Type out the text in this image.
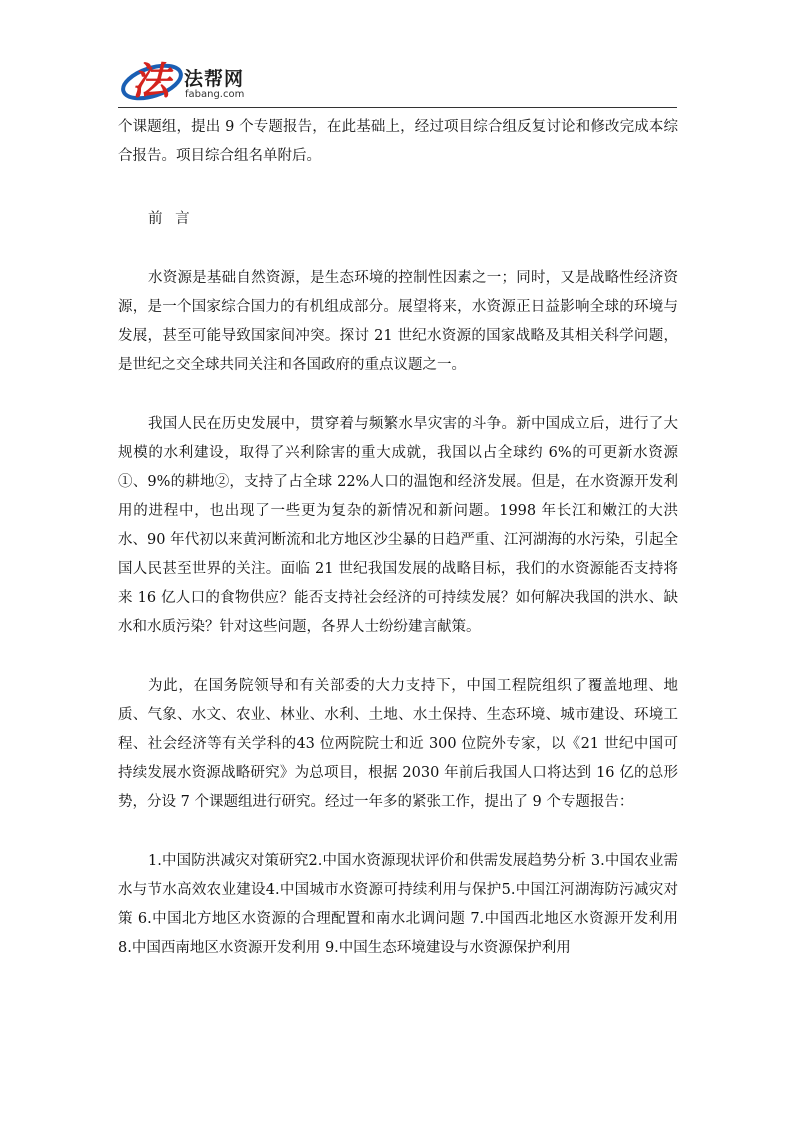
法 法帮网
fabang.com

个课题组，提出 9 个专题报告，在此基础上，经过项目综合组反复讨论和修改完成本综合报告。项目综合组名单附后。

前 言

水资源是基础自然资源，是生态环境的控制性因素之一；同时，又是战略性经济资源，是一个国家综合国力的有机组成部分。展望将来，水资源正日益影响全球的环境与发展，甚至可能导致国家间冲突。探讨 21 世纪水资源的国家战略及其相关科学问题，是世纪之交全球共同关注和各国政府的重点议题之一。

我国人民在历史发展中，贯穿着与频繁水旱灾害的斗争。新中国成立后，进行了大规模的水利建设，取得了兴利除害的重大成就，我国以占全球约 6%的可更新水资源①、9%的耕地②，支持了占全球 22%人口的温饱和经济发展。但是，在水资源开发利用的进程中，也出现了一些更为复杂的新情况和新问题。1998 年长江和嫩江的大洪水、90 年代初以来黄河断流和北方地区沙尘暴的日趋严重、江河湖海的水污染，引起全国人民甚至世界的关注。面临 21 世纪我国发展的战略目标，我们的水资源能否支持将来 16 亿人口的食物供应？能否支持社会经济的可持续发展？如何解决我国的洪水、缺水和水质污染？针对这些问题，各界人士纷纷建言献策。

为此，在国务院领导和有关部委的大力支持下，中国工程院组织了覆盖地理、地质、气象、水文、农业、林业、水利、土地、水土保持、生态环境、城市建设、环境工程、社会经济等有关学科的43 位两院院士和近 300 位院外专家，以《21 世纪中国可持续发展水资源战略研究》为总项目，根据 2030 年前后我国人口将达到 16 亿的总形势，分设 7 个课题组进行研究。经过一年多的紧张工作，提出了 9 个专题报告：

1.中国防洪减灾对策研究2.中国水资源现状评价和供需发展趋势分析 3.中国农业需水与节水高效农业建设4.中国城市水资源可持续利用与保护5.中国江河湖海防污减灾对策 6.中国北方地区水资源的合理配置和南水北调问题 7.中国西北地区水资源开发利用 8.中国西南地区水资源开发利用 9.中国生态环境建设与水资源保护利用
